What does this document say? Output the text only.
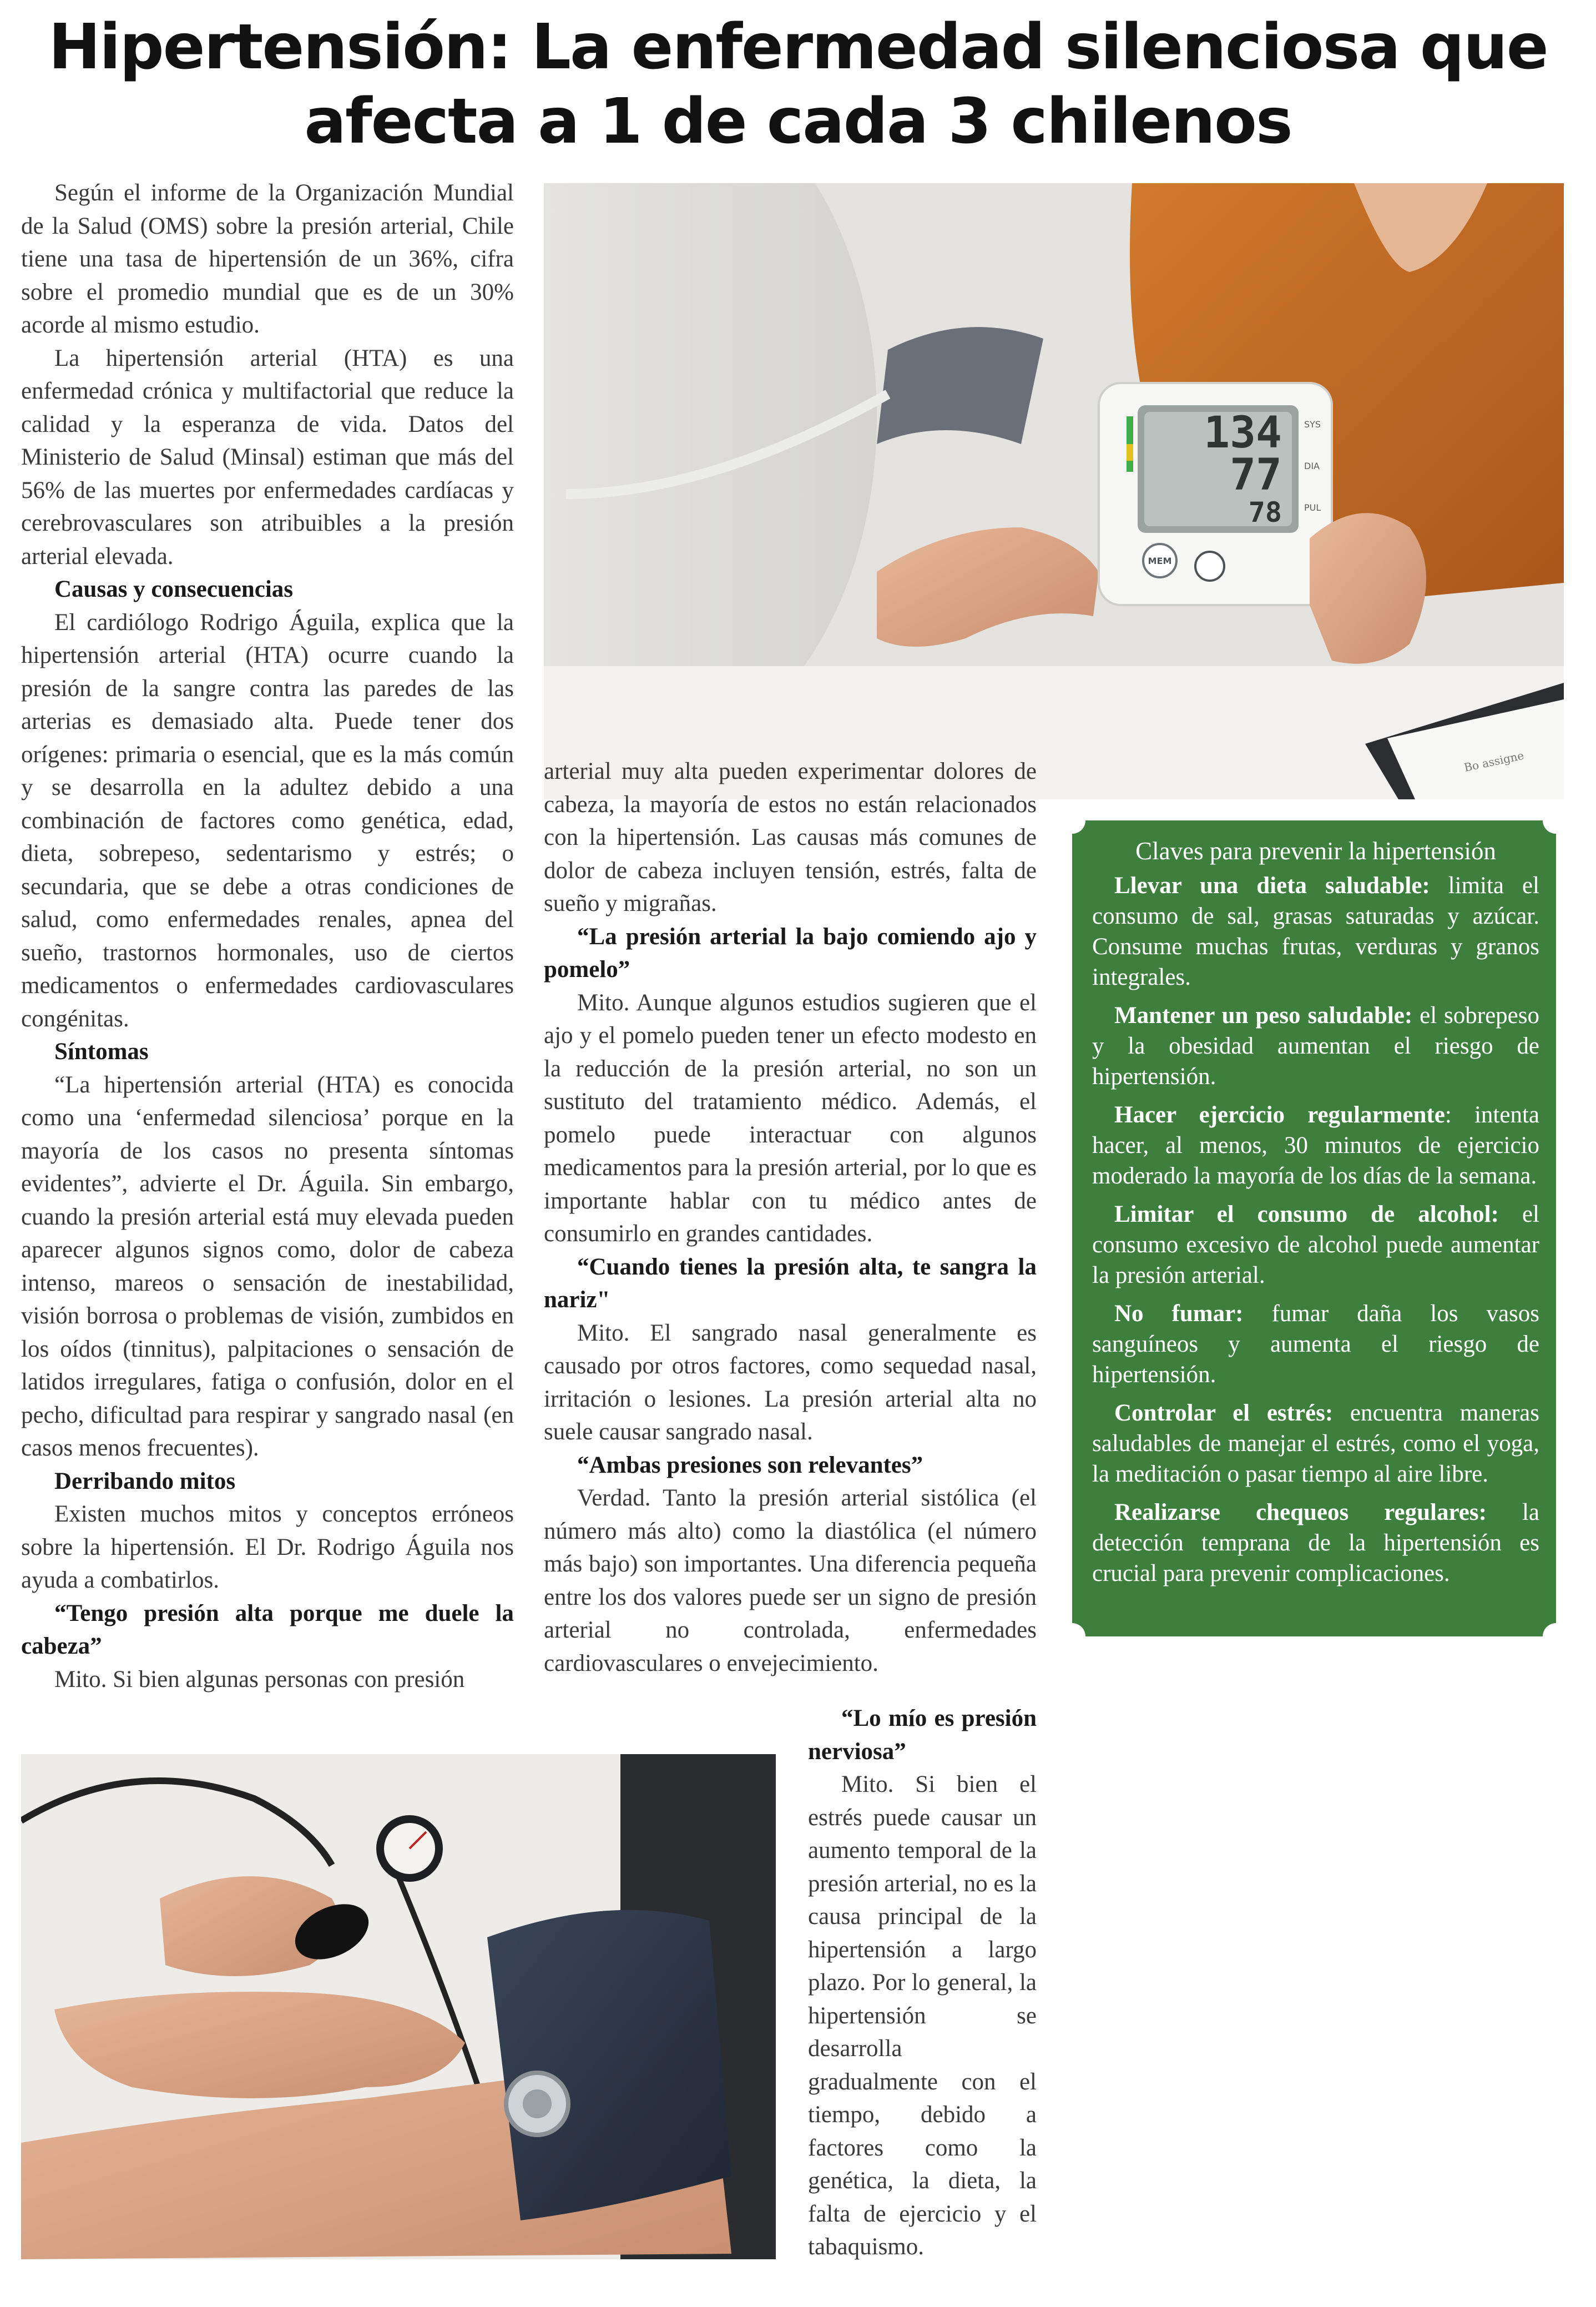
Hipertensión: La enfermedad silenciosa que afecta a 1 de cada 3 chilenos

Según el informe de la Organización Mundial de la Salud (OMS) sobre la presión arterial, Chile tiene una tasa de hipertensión de un 36%, cifra sobre el promedio mundial que es de un 30% acorde al mismo estudio.

La hipertensión arterial (HTA) es una enfermedad crónica y multifactorial que reduce la calidad y la esperanza de vida. Datos del Ministerio de Salud (Minsal) estiman que más del 56% de las muertes por enfermedades cardíacas y cerebrovasculares son atribuibles a la presión arterial elevada.

Causas y consecuencias

El cardiólogo Rodrigo Águila, explica que la hipertensión arterial (HTA) ocurre cuando la presión de la sangre contra las paredes de las arterias es demasiado alta. Puede tener dos orígenes: primaria o esencial, que es la más común y se desarrolla en la adultez debido a una combinación de factores como genética, edad, dieta, sobrepeso, sedentarismo y estrés; o secundaria, que se debe a otras condiciones de salud, como enfermedades renales, apnea del sueño, trastornos hormonales, uso de ciertos medicamentos o enfermedades cardiovasculares congénitas.

Síntomas

“La hipertensión arterial (HTA) es conocida como una ‘enfermedad silenciosa’ porque en la mayoría de los casos no presenta síntomas evidentes”, advierte el Dr. Águila. Sin embargo, cuando la presión arterial está muy elevada pueden aparecer algunos signos como, dolor de cabeza intenso, mareos o sensación de inestabilidad, visión borrosa o problemas de visión, zumbidos en los oídos (tinnitus), palpitaciones o sensación de latidos irregulares, fatiga o confusión, dolor en el pecho, dificultad para respirar y sangrado nasal (en casos menos frecuentes).

Derribando mitos

Existen muchos mitos y conceptos erróneos sobre la hipertensión. El Dr. Rodrigo Águila nos ayuda a combatirlos.

“Tengo presión alta porque me duele la cabeza”

Mito. Si bien algunas personas con presión

134
77
78
SYS
DIA
PUL
MEM
Bo assigne

arterial muy alta pueden experimentar dolores de cabeza, la mayoría de estos no están relacionados con la hipertensión. Las causas más comunes de dolor de cabeza incluyen tensión, estrés, falta de sueño y migrañas.

“La presión arterial la bajo comiendo ajo y pomelo”

Mito. Aunque algunos estudios sugieren que el ajo y el pomelo pueden tener un efecto modesto en la reducción de la presión arterial, no son un sustituto del tratamiento médico. Además, el pomelo puede interactuar con algunos medicamentos para la presión arterial, por lo que es importante hablar con tu médico antes de consumirlo en grandes cantidades.

“Cuando tienes la presión alta, te sangra la nariz"

Mito. El sangrado nasal generalmente es causado por otros factores, como sequedad nasal, irritación o lesiones. La presión arterial alta no suele causar sangrado nasal.

“Ambas presiones son relevantes”

Verdad. Tanto la presión arterial sistólica (el número más alto) como la diastólica (el número más bajo) son importantes. Una diferencia pequeña entre los dos valores puede ser un signo de presión arterial no controlada, enfermedades cardiovasculares o envejecimiento.

“Lo mío es presión nerviosa”

Mito. Si bien el estrés puede causar un aumento temporal de la presión arterial, no es la causa principal de la hipertensión a largo plazo. Por lo general, la hipertensión se desarrolla gradualmente con el tiempo, debido a factores como la genética, la dieta, la falta de ejercicio y el tabaquismo.

Claves para prevenir la hipertensión

Llevar una dieta saludable: limita el consumo de sal, grasas saturadas y azúcar. Consume muchas frutas, verduras y granos integrales.

Mantener un peso saludable: el sobrepeso y la obesidad aumentan el riesgo de hipertensión.

Hacer ejercicio regularmente: intenta hacer, al menos, 30 minutos de ejercicio moderado la mayoría de los días de la semana.

Limitar el consumo de alcohol: el consumo excesivo de alcohol puede aumentar la presión arterial.

No fumar: fumar daña los vasos sanguíneos y aumenta el riesgo de hipertensión.

Controlar el estrés: encuentra maneras saludables de manejar el estrés, como el yoga, la meditación o pasar tiempo al aire libre.

Realizarse chequeos regulares: la detección temprana de la hipertensión es crucial para prevenir complicaciones.
